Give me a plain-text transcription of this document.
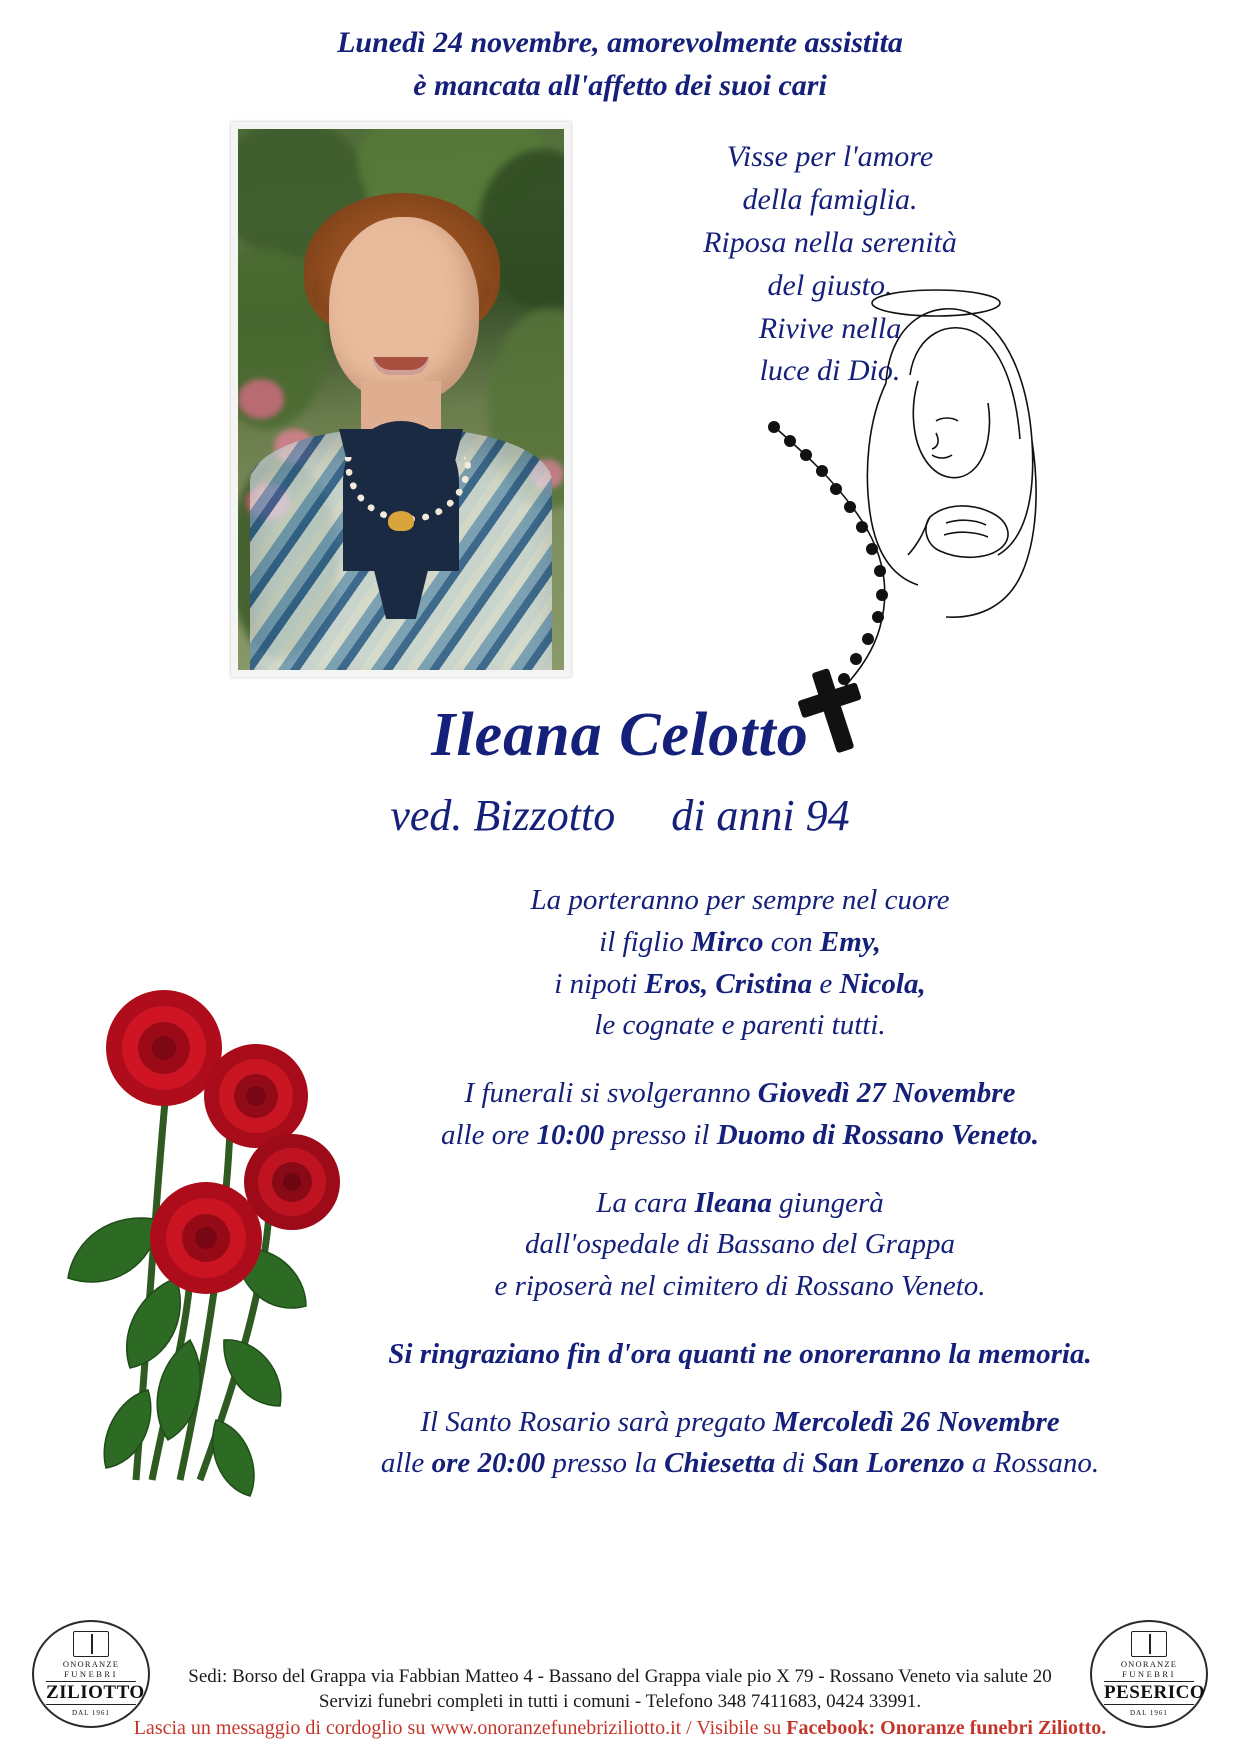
Lunedì 24 novembre, amorevolmente assistita
è mancata all'affetto dei suoi cari
Visse per l'amore
della famiglia.
Riposa nella serenità
del giusto.
Rivive nella
luce di Dio.
Ileana Celotto
ved. Bizzotto di anni 94

La porteranno per sempre nel cuore
il figlio Mirco con Emy,
i nipoti Eros, Cristina e Nicola,
le cognate e parenti tutti.

I funerali si svolgeranno Giovedì 27 Novembre
alle ore 10:00 presso il Duomo di Rossano Veneto.

La cara Ileana giungerà
dall'ospedale di Bassano del Grappa
e riposerà nel cimitero di Rossano Veneto.

Si ringraziano fin d'ora quanti ne onoreranno la memoria.

Il Santo Rosario sarà pregato Mercoledì 26 Novembre
alle ore 20:00 presso la Chiesetta di San Lorenzo a Rossano.

ONORANZE
FUNEBRI
ZILIOTTO
DAL 1961
ONORANZE
FUNEBRI
PESERICO
DAL 1961
Sedi: Borso del Grappa via Fabbian Matteo 4 - Bassano del Grappa viale pio X 79 - Rossano Veneto via salute 20
Servizi funebri completi in tutti i comuni - Telefono 348 7411683, 0424 33991.
Lascia un messaggio di cordoglio su www.onoranzefunebriziliotto.it / Visibile su Facebook: Onoranze funebri Ziliotto.
